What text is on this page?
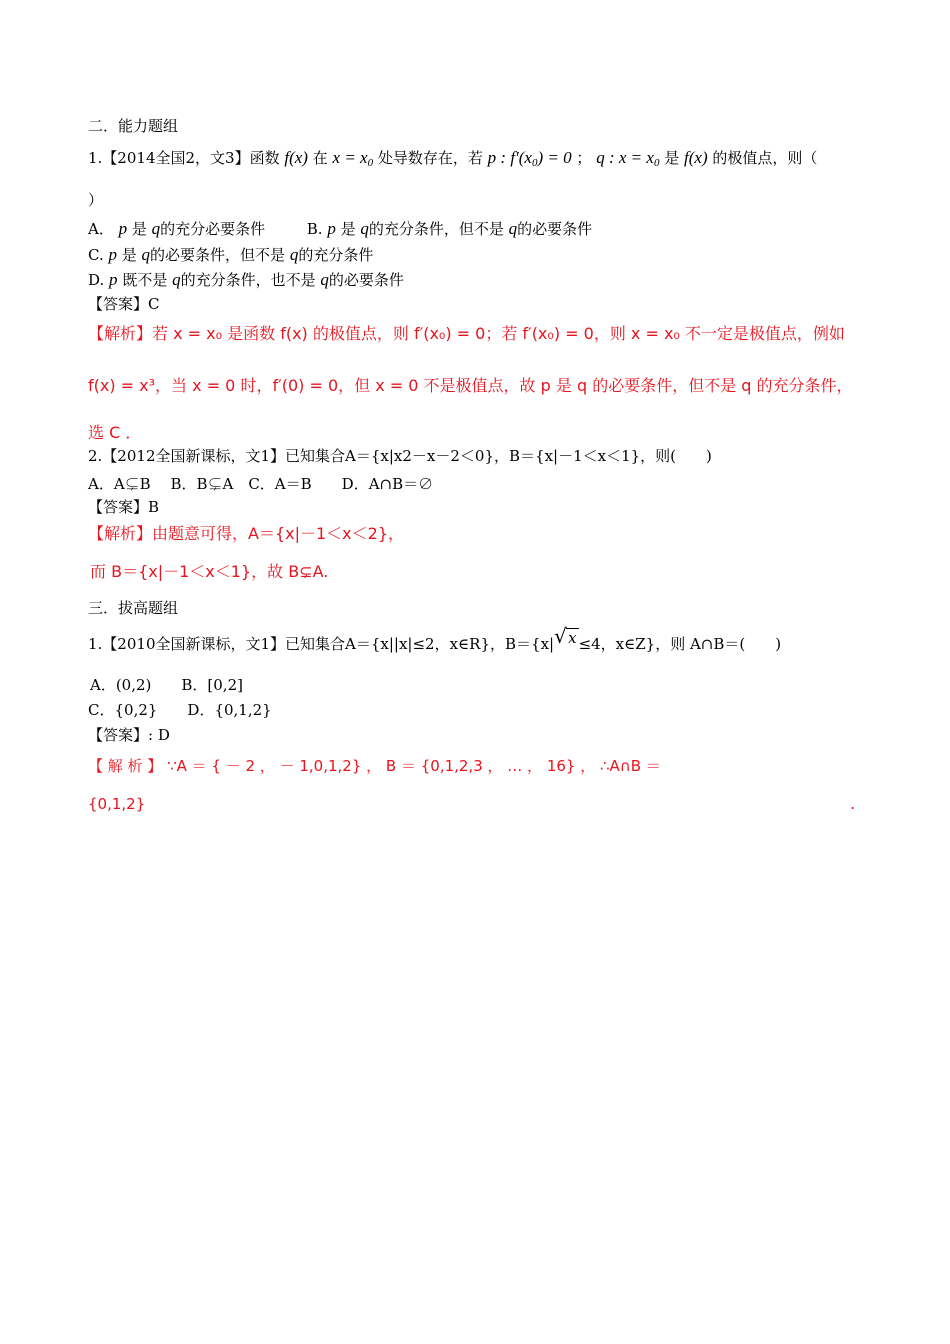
二．能力题组
1.【2014全国2，文3】函数 f(x) 在 $x = x_0$ 处导数存在，若 p : $f'(x_0) = 0$ ； q : $x = x_0$ 是 f(x) 的极值点，则（
）
A． p 是 q的充分必要条件	B. p 是 q的充分条件，但不是 q的必要条件
C. p 是 q的必要条件，但不是 q的充分条件
D. p 既不是 q的充分条件，也不是 q的必要条件
【答案】C
【解析】若 x = x₀ 是函数 f(x) 的极值点，则 f′(x₀) = 0；若 f′(x₀) = 0，则 x = x₀ 不一定是极值点，例如
f(x) = x³，当 x = 0 时，f′(0) = 0，但 x = 0 不是极值点，故 p 是 q 的必要条件，但不是 q 的充分条件，
选 C ．
2.【2012全国新课标，文1】已知集合A＝{x|x2－x－2＜0}，B＝{x|－1＜x＜1}，则(　　)
A．A⊊B　 B．B⊊A　C．A＝B　　D．A∩B＝∅
【答案】B
【解析】由题意可得，A＝{x|－1＜x＜2}，
而 B＝{x|－1＜x＜1}，故 B⊊A.
三．拔高题组
1.【2010全国新课标，文1】已知集合A＝{x||x|≤2，x∈R}，B＝{x|√ x ≤4，x∈Z}，则 A∩B＝(　　)
A．(0,2)　　B．[0,2]
C．{0,2}　　D．{0,1,2}
【答案】: D
【 解 析 】 ∵A ＝ { － 2 ， － 1,0,1,2} ， B ＝ {0,1,2,3 ， … ， 16} ， ∴A∩B ＝
{0,1,2}	.
